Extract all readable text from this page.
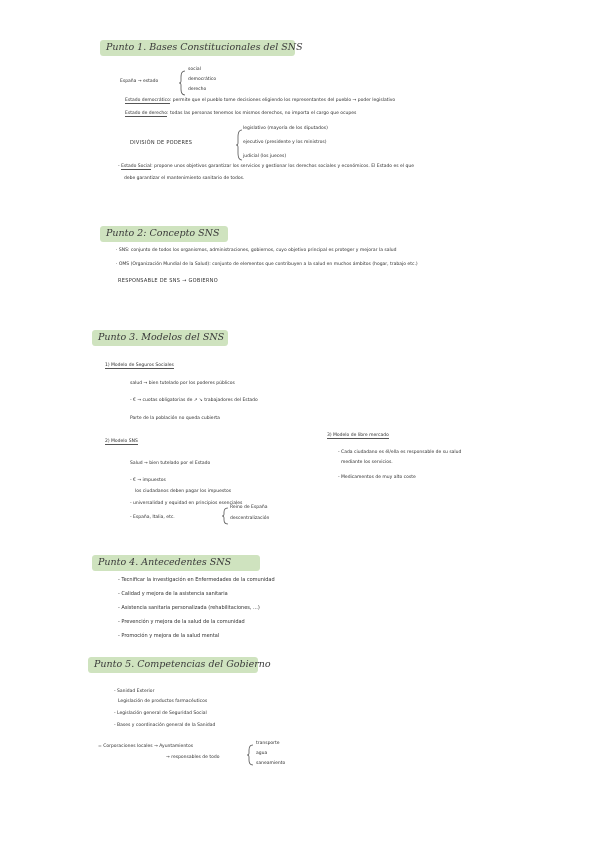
Punto 1. Bases Constitucionales del SNS
España → estado
social
democrático
derecho
Estado democrático: permite que el pueblo tome decisiones eligiendo los representantes del pueblo → poder legislativo
Estado de derecho: todas las personas tenemos los mismos derechos, no importa el cargo que ocupes
DIVISIÓN DE PODERES
legislativo (mayoría de los diputados)
ejecutivo (presidente y los ministros)
judicial (los jueces)
- Estado Social: propone unos objetivos garantizar los servicios y gestionar los derechos sociales y económicos. El Estado es el que
debe garantizar el mantenimiento sanitario de todos.
Punto 2: Concepto SNS
· SNS: conjunto de todos los organismos, administraciones, gobiernos, cuyo objetivo principal es proteger y mejorar la salud
· OMS (Organización Mundial de la Salud): conjunto de elementos que contribuyen a la salud en muchos ámbitos (hogar, trabajo etc.)
RESPONSABLE DE SNS → GOBIERNO
Punto 3. Modelos del SNS
1) Modelo de Seguros Sociales
salud → bien tutelado por los poderes públicos
- € → cuotas obligatorias de ↗ ↘ trabajadores del Estado
Parte de la población no queda cubierta
2) Modelo SNS
Salud → bien tutelado por el Estado
- € → impuestos
los ciudadanos deben pagar los impuestos
- universalidad y equidad en principios esenciales
- España, Italia, etc.
Reino de España
descentralización
3) Modelo de libre mercado
- Cada ciudadano es él/ella es responsable de su salud
mediante los servicios.
- Medicamentos de muy alto coste
Punto 4. Antecedentes SNS
- Tecnificar la investigación en Enfermedades de la comunidad
- Calidad y mejora de la asistencia sanitaria
- Asistencia sanitaria personalizada (rehabilitaciones, ...)
- Prevención y mejora de la salud de la comunidad
- Promoción y mejora de la salud mental
Punto 5. Competencias del Gobierno
- Sanidad Exterior
Legislación de productos farmacéuticos
- Legislación general de Seguridad Social
- Bases y coordinación general de la Sanidad
= Corporaciones locales → Ayuntamientos
→ responsables de todo
transporte
agua
saneamiento
